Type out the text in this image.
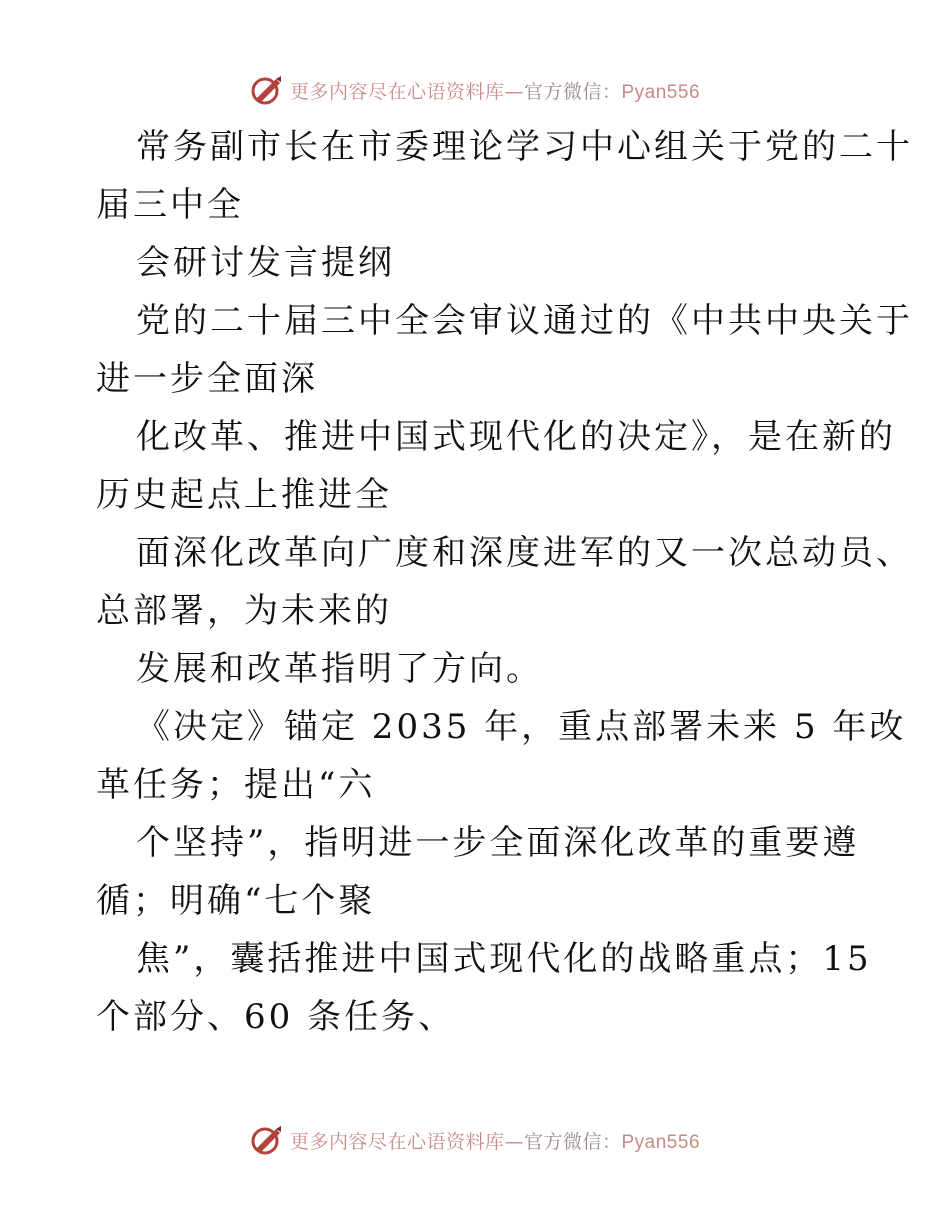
更多内容尽在心语资料库—官方微信：Pyan556
常务副市长在市委理论学习中心组关于党的二十
届三中全
会研讨发言提纲
党的二十届三中全会审议通过的《中共中央关于
进一步全面深
化改革、推进中国式现代化的决定》，是在新的
历史起点上推进全
面深化改革向广度和深度进军的又一次总动员、
总部署，为未来的
发展和改革指明了方向。
《决定》锚定 2035 年，重点部署未来 5 年改
革任务；提出“六
个坚持”，指明进一步全面深化改革的重要遵
循；明确“七个聚
焦”，囊括推进中国式现代化的战略重点；15
个部分、60 条任务、
更多内容尽在心语资料库—官方微信：Pyan556
